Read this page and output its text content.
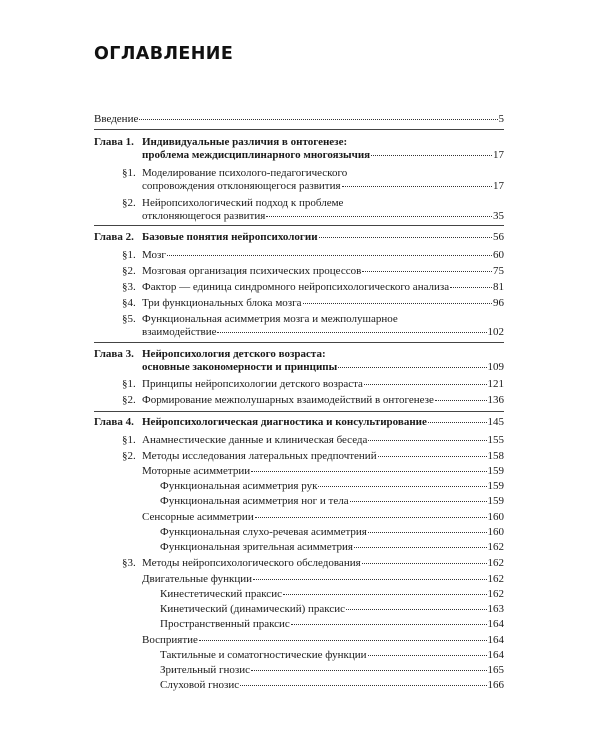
ОГЛАВЛЕНИЕ
Введение	5
Глава 1. Индивидуальные различия в онтогенезе:
проблема междисциплинарного многоязычия	17
§1. Моделирование психолого-педагогического
сопровождения отклоняющегося развития	17
§2. Нейропсихологический подход к проблеме
отклоняющегося развития	35
Глава 2. Базовые понятия нейропсихологии	56
§1. Мозг	60
§2. Мозговая организация психических процессов	75
§3. Фактор — единица синдромного нейропсихологического анализа	81
§4. Три функциональных блока мозга	96
§5. Функциональная асимметрия мозга и межполушарное
взаимодействие	102
Глава 3. Нейропсихология детского возраста:
основные закономерности и принципы	109
§1. Принципы нейропсихологии детского возраста	121
§2. Формирование межполушарных взаимодействий в онтогенезе	136
Глава 4. Нейропсихологическая диагностика и консультирование	145
§1. Анамнестические данные и клиническая беседа	155
§2. Методы исследования латеральных предпочтений	158
Моторные асимметрии	159
Функциональная асимметрия рук	159
Функциональная асимметрия ног и тела	159
Сенсорные асимметрии	160
Функциональная слухо-речевая асимметрия	160
Функциональная зрительная асимметрия	162
§3. Методы нейропсихологического обследования	162
Двигательные функции	162
Кинестетический праксис	162
Кинетический (динамический) праксис	163
Пространственный праксис	164
Восприятие	164
Тактильные и соматогностические функции	164
Зрительный гнозис	165
Слуховой гнозис	166
